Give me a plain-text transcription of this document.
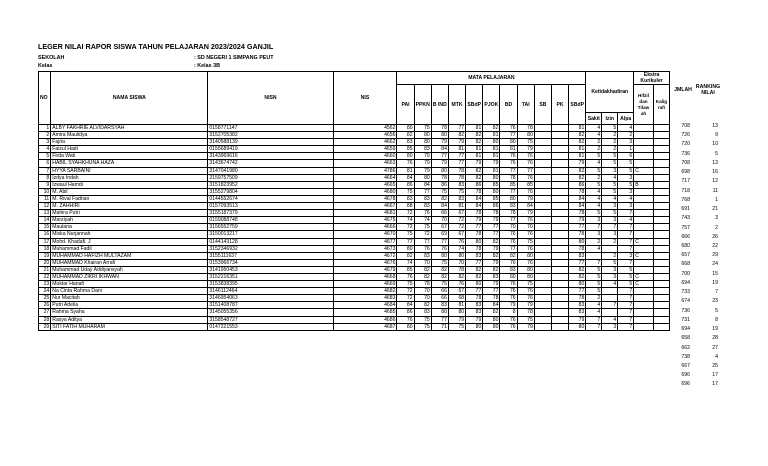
LEGER NILAI RAPOR SISWA TAHUN PELAJARAN 2023/2024 GANJIL
SEKOLAH	: SD NEGERI 1 SIMPANG PEUT
Kelas	: Kelas 3B
NO	NAMA SISWA	NISN	NIS	MATA PELAJARAN											Ketidakhadiran			Ekstra Kurikuler	
				PAI	PPKN	B IND	MTK	SBdP	PJOK	BD	TAI	SB	PK	SBdP				Hifzil dan Tilaw ah	Kalig rafi
															Sakit	Izin	Alpa		
1	ALBY FAKHRIE ALVIDARSYAH	0158771147	4562	80	75	78	77	81	82	76	78			81	4	5	4		
2	Amira Maulidya	3152705382	4656	82	80	80	82	82	81	77	80			82	4	2	2		
3	Fajria	3140588139	4662	83	80	79	79	82	80	80	75			82	2	2	3		
4	Faizul Hadi	0155689419	4659	85	83	84	81	81	81	81	79			81	2	2	1		
5	Firda Wati	3143969616	4660	80	79	77	77	81	81	76	76			81	5	5	6		
6	HABIL SYAHKHUNA HAZA	3143674742	4663	76	79	79	77	79	79	76	76			79	4	5	5		
7	HYYA SARBAINI	3147041980	4786	81	79	80	78	82	81	77	77			82	5	3	5	C	
8	Izdya Indah	3159757509	4664	84	80	78	78	82	80	78	76			82	2	4	3		
9	Izwaul Hamdi	3151823952	4665	86	84	86	83	86	85	85	85			86	5	5	5	B	
10	M. Abil	3155279804	4680	75	77	75	75	78	80	77	76			78	4	5	3		
11	M. Rival Fadrian	0144552674	4678	83	83	82	83	84	85	80	79			84	4	4	4		
12	M. ZAHHIRI	0157093513	4667	88	83	84	81	84	86	83	84			84	4	3	3		
13	Mahira Putri	3155187379	4681	72	76	66	67	78	78	78	79			78	5	5	7		
14	Marziyah	0159088748	4675	74	74	70	72	79	79	77	76			79	3	3	4		
15	Maulana	3156552759	4666	72	75	67	72	77	77	70	70			77	7	7	7		
16	Miska Nurjannah	3150013217	4670	75	72	69	67	78	77	76	76			78	3	3	7		
17	Mohd. Khadafi. J	0144143128	4677	77	77	77	76	80	82	76	75			80	2	2	7	C	
18	Muhammad Fadil	3152346932	4673	80	76	76	74	78	79	77	76			78	4		7		
19	MUHAMMAD HAFIZH MULTAZAM	3155111637	4672	82	83	80	80	83	82	82	80			83		2	3	C	
20	MUHAMMAD Khairan Arrafi	0153966734	4676	74	70	75	70	77	79	76	76			77	7	5	7		
21	Muhammad Uday Addiyansyah	3141950453	4679	85	82	82	78	82	82	83	80			82	5	3	5		
22	MUHAMMAD ZIKRI IKHWAN	3152216351	4668	76	82	82	82	82	83	80	80			82	5	3	5	C	
23	Muktar Hanafi	3153838395	4669	75	78	75	76	80	79	76	75			80	5	4	5	C	
24	Na Cinta Rahma Dani	3146112464	4682	72	70	66	67	77	77	76	76			77	5		7		
25	Nur Macitah	3146954063	4683	72	70	66	68	78	78	76	76			78	2		7		
26	Putri Adelia	3151408787	4684	84	82	83	81	83	84	79	79			83	4	7	7		
27	Rahma Syaha	3145055356	4685	86	83	80	80	83	82	8	78			83	4		7		
28	Rasya Aditya	3158548727	4686	76	75	77	79	79	80	76	75			79	7	4	7		
29	SITI FATIH MUHARAM	0147221553	4687	80	75	71	75	80	80	76	79			80	7	3	7		
JMLAH RANKING NILAI
708	13
726	9
720	10
736	5
708	13
698	16
717	12
718	11
768	1
691	21
743	3
757	2
666	26
680	22
657	29
668	24
700	15
694	19
733	7
674	23
736	5
731	8
694	19
658	28
662	27
738	4
667	25
696	17
696	17
